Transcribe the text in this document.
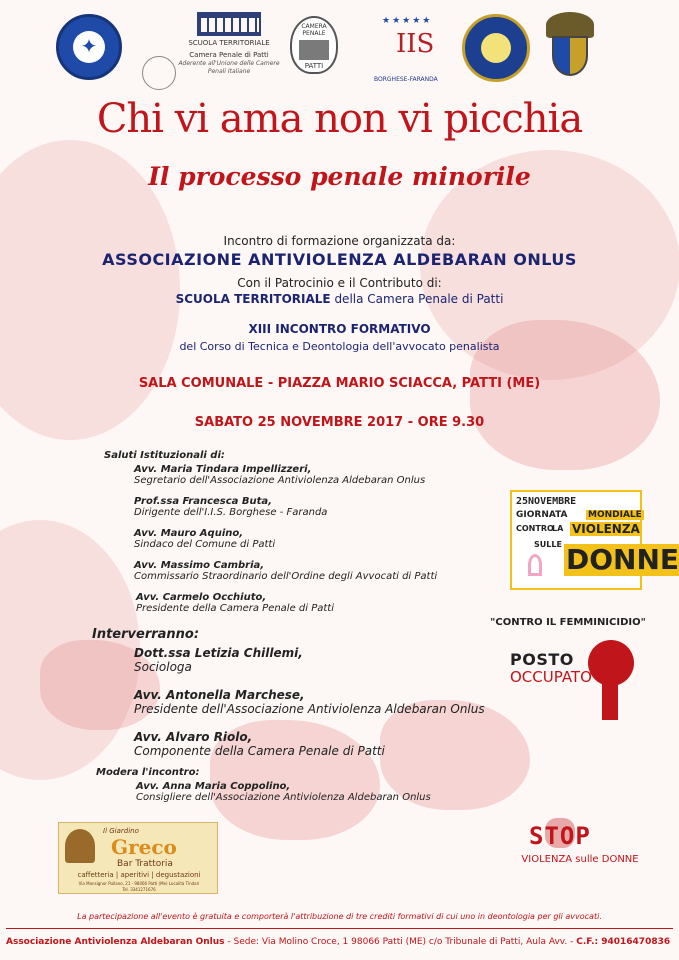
✦	SCUOLA TERRITORIALE
Camera Penale di Patti
Aderente all'Unione delle Camere Penali Italiane
CAMERA PENALE
PATTI
★★★★★
IIS
BORGHESE-FARANDA
Chi vi ama non vi picchia
Il processo penale minorile
Incontro di formazione organizzata da:
ASSOCIAZIONE ANTIVIOLENZA ALDEBARAN ONLUS
Con il Patrocinio e il Contributo di:
SCUOLA TERRITORIALE della Camera Penale di Patti
XIII INCONTRO FORMATIVO
del Corso di Tecnica e Deontologia dell'avvocato penalista
SALA COMUNALE - PIAZZA MARIO SCIACCA, PATTI (ME)
SABATO 25 NOVEMBRE 2017 - ORE 9.30
Saluti Istituzionali di:
Avv. Maria Tindara Impellizzeri,
Segretario dell'Associazione Antiviolenza Aldebaran Onlus
Prof.ssa Francesca Buta,
Dirigente dell'I.I.S. Borghese - Faranda
Avv. Mauro Aquino,
Sindaco del Comune di Patti
Avv. Massimo Cambria,
Commissario Straordinario dell'Ordine degli Avvocati di Patti
Avv. Carmelo Occhiuto,
Presidente della Camera Penale di Patti
Interverranno:
Dott.ssa Letizia Chillemi,
Sociologa
Avv. Antonella Marchese,
Presidente dell'Associazione Antiviolenza Aldebaran Onlus
Avv. Alvaro Riolo,
Componente della Camera Penale di Patti
Modera l'incontro:
Avv. Anna Maria Coppolino,
Consigliere dell'Associazione Antiviolenza Aldebaran Onlus
25NOVEMBRE
GIORNATA MONDIALE
CONTRO
LA VIOLENZA
SULLE DONNE
"CONTRO IL FEMMINICIDIO"
POSTO
OCCUPATO
STOP
VIOLENZA sulle DONNE
Il Giardino
Greco
Bar Trattoria
caffetteria | aperitivi | degustazioni
Via Monsignor Pullano, 21 - 98066 Patti (Me) Località Tindari
Tel. 3341271676
La partecipazione all'evento è gratuita e comporterà l'attribuzione di tre crediti formativi di cui uno in deontologia per gli avvocati.
Associazione Antiviolenza Aldebaran Onlus - Sede: Via Molino Croce, 1 98066 Patti (ME) c/o Tribunale di Patti, Aula Avv. - C.F.: 94016470836
